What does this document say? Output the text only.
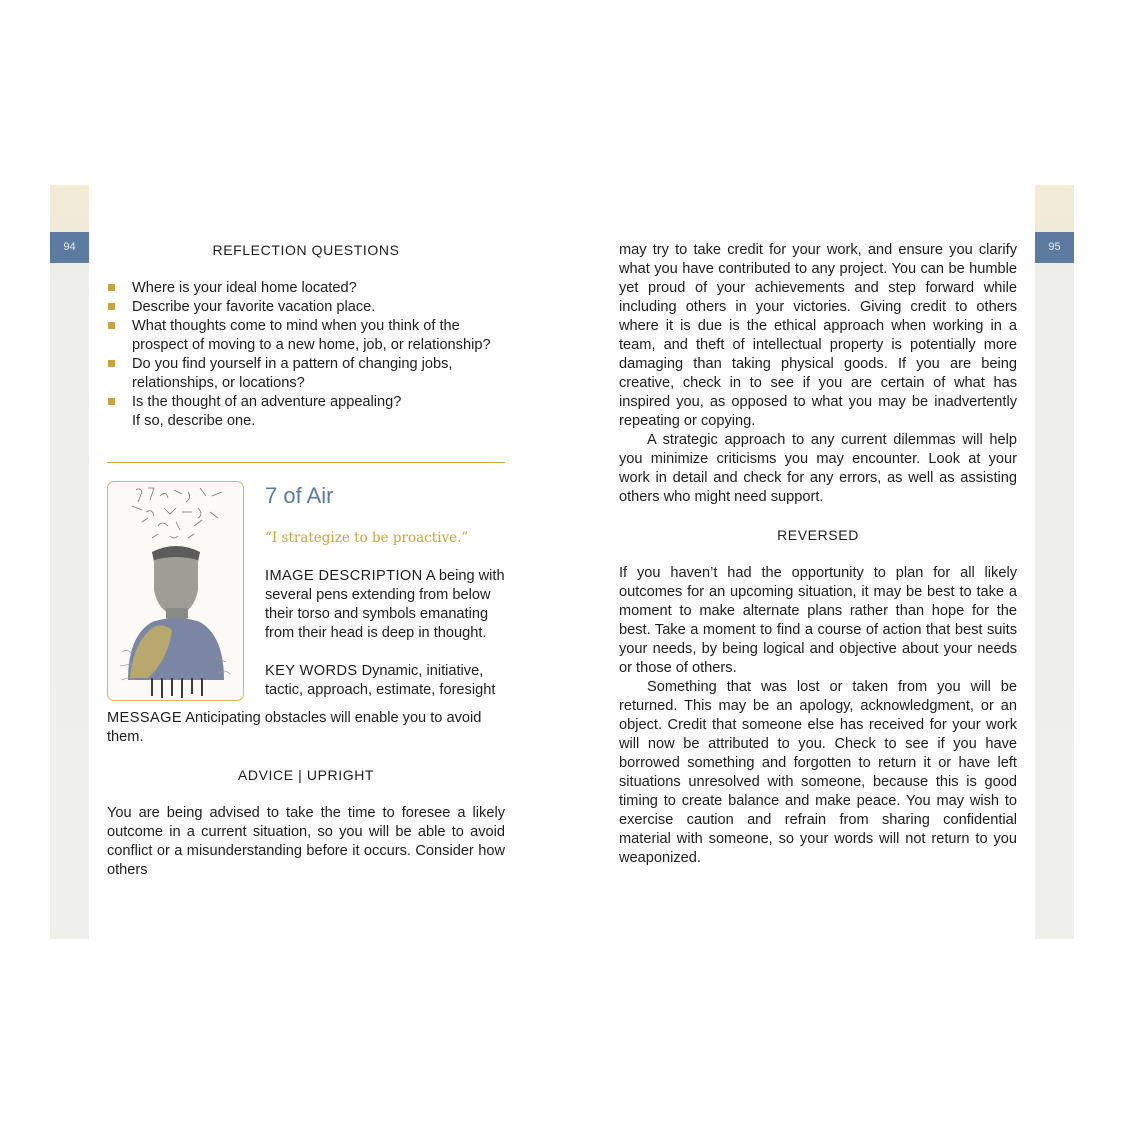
94	95
REFLECTION QUESTIONS
Where is your ideal home located?
Describe your favorite vacation place.
What thoughts come to mind when you think of the prospect of moving to a new home, job, or relationship?
Do you find yourself in a pattern of changing jobs, relationships, or locations?
Is the thought of an adventure appealing? If so, describe one.
7 of Air
“I strategize to be proactive.”
IMAGE DESCRIPTION A being with several pens extending from below their torso and symbols emanating from their head is deep in thought.
KEY WORDS Dynamic, initiative, tactic, approach, estimate, foresight

MESSAGE Anticipating obstacles will enable you to avoid them.

ADVICE | UPRIGHT

You are being advised to take the time to foresee a likely outcome in a current situation, so you will be able to avoid conflict or a misunderstanding before it occurs. Consider how others

may try to take credit for your work, and ensure you clarify what you have contributed to any project. You can be humble yet proud of your achievements and step forward while including others in your victories. Giving credit to others where it is due is the ethical approach when working in a team, and theft of intellectual property is potentially more damaging than taking physical goods. If you are being creative, check in to see if you are certain of what has inspired you, as opposed to what you may be inadvertently repeating or copying.

A strategic approach to any current dilemmas will help you minimize criticisms you may encounter. Look at your work in detail and check for any errors, as well as assisting others who might need support.

REVERSED

If you haven’t had the opportunity to plan for all likely outcomes for an upcoming situation, it may be best to take a moment to make alternate plans rather than hope for the best. Take a moment to find a course of action that best suits your needs, by being logical and objective about your needs or those of others.

Something that was lost or taken from you will be returned. This may be an apology, acknowledgment, or an object. Credit that someone else has received for your work will now be attributed to you. Check to see if you have borrowed something and forgotten to return it or have left situations unresolved with someone, because this is good timing to create balance and make peace. You may wish to exercise caution and refrain from sharing confidential material with someone, so your words will not return to you weaponized.
